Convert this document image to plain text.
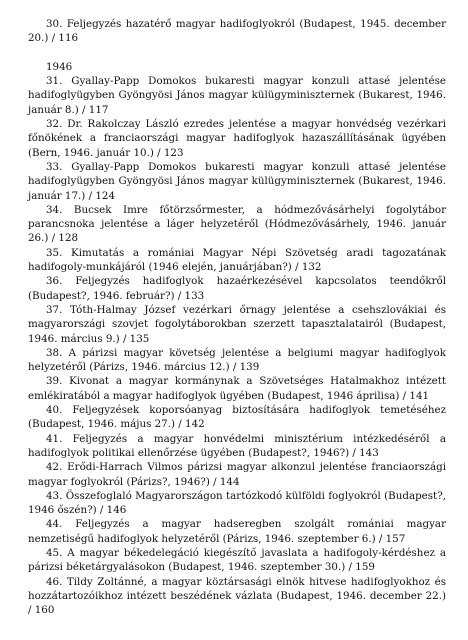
30. Feljegyzés hazatérő magyar hadifoglyokról (Budapest, 1945. december 20.) / 116

1946

31. Gyallay-Papp Domokos bukaresti magyar konzuli attasé jelentése hadifoglyügyben Gyöngyösi János magyar külügyminiszternek (Bukarest, 1946. január 8.) / 117

32. Dr. Rakolczay László ezredes jelentése a magyar honvédség vezérkari főnökének a franciaországi magyar hadifoglyok hazaszállításának ügyében (Bern, 1946. január 10.) / 123

33. Gyallay-Papp Domokos bukaresti magyar konzuli attasé jelentése hadifoglyügyben Gyöngyösi János magyar külügyminiszternek (Bukarest, 1946. január 17.) / 124

34. Bucsek Imre főtörzsőrmester, a hódmezővásárhelyi fogolytábor parancsnoka jelentése a láger helyzetéről (Hódmezővásárhely, 1946. január 26.) / 128

35. Kimutatás a romániai Magyar Népi Szövetség aradi tagozatának hadifogoly-munkájáról (1946 elején, januárjában?) / 132

36. Feljegyzés hadifoglyok hazaérkezésével kapcsolatos teendőkről (Budapest?, 1946. február?) / 133

37. Tóth-Halmay József vezérkari őrnagy jelentése a csehszlovákiai és magyarországi szovjet fogolytáborokban szerzett tapasztalatairól (Budapest, 1946. március 9.) / 135

38. A párizsi magyar követség jelentése a belgiumi magyar hadifoglyok helyzetéről (Párizs, 1946. március 12.) / 139

39. Kivonat a magyar kormánynak a Szövetséges Hatalmakhoz intézett emlékiratából a magyar hadifoglyok ügyében (Budapest, 1946 áprilisa) / 141

40. Feljegyzések koporsóanyag biztosítására hadifoglyok temetéséhez (Budapest, 1946. május 27.) / 142

41. Feljegyzés a magyar honvédelmi minisztérium intézkedéséről a hadifoglyok politikai ellenőrzése ügyében (Budapest?, 1946?) / 143

42. Erődi-Harrach Vilmos párizsi magyar alkonzul jelentése franciaországi magyar foglyokról (Párizs?, 1946?) / 144

43. Összefoglaló Magyarországon tartózkodó külföldi foglyokról (Budapest?, 1946 őszén?) / 146

44. Feljegyzés a magyar hadseregben szolgált romániai magyar nemzetiségű hadifoglyok helyzetéről (Párizs, 1946. szeptember 6.) / 157

45. A magyar békedelegáció kiegészítő javaslata a hadifogoly-kérdéshez a párizsi béketárgyalásokon (Budapest, 1946. szeptember 30.) / 159

46. Tildy Zoltánné, a magyar köztársasági elnök hitvese hadifoglyokhoz és hozzátartozóikhoz intézett beszédének vázlata (Budapest, 1946. december 22.) / 160
